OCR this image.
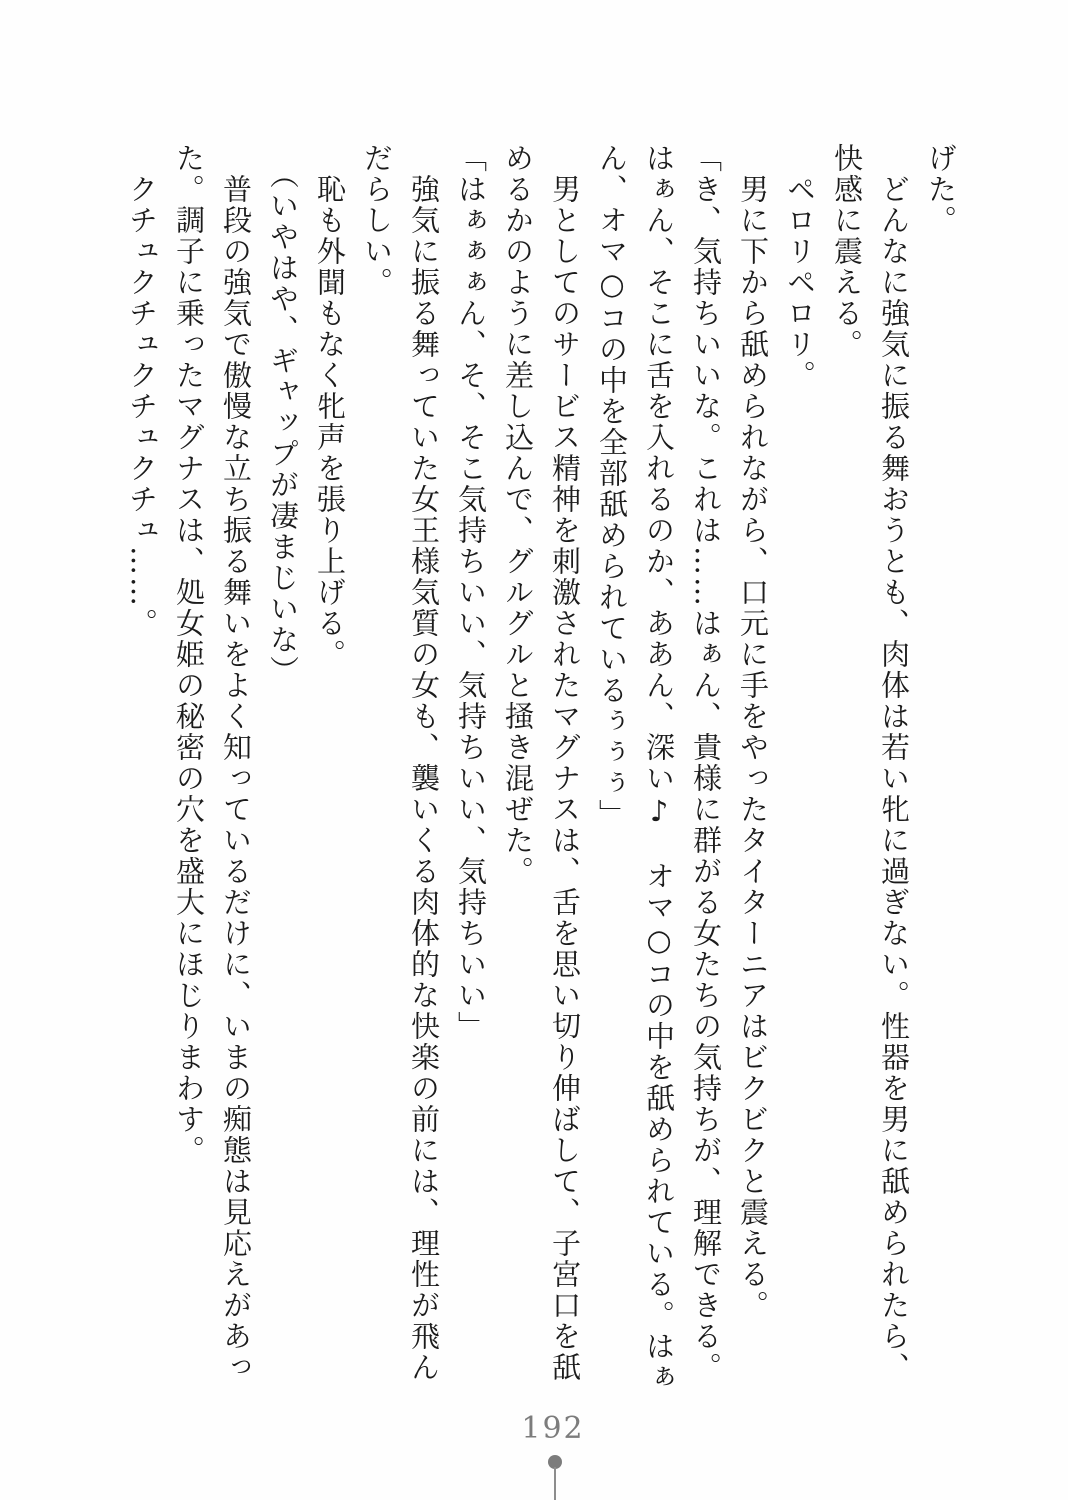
げた。
　どんなに強気に振る舞おうとも、肉体は若い牝に過ぎない。性器を男に舐められたら、
快感に震える。
　ペロリペロリ。
　男に下から舐められながら、口元に手をやったタイターニアはビクビクと震える。
「き、気持ちいいな。これは……はぁん、貴様に群がる女たちの気持ちが、理解できる。
はぁん、そこに舌を入れるのか、ああん、深い♪　オマ○コの中を舐められている。はぁ
ん、オマ○コの中を全部舐められているぅぅぅ」
　男としてのサービス精神を刺激されたマグナスは、舌を思い切り伸ばして、子宮口を舐
めるかのように差し込んで、グルグルと掻き混ぜた。
「はぁぁぁん、そ、そこ気持ちいい、気持ちいい、気持ちいい」
　強気に振る舞っていた女王様気質の女も、襲いくる肉体的な快楽の前には、理性が飛ん
だらしい。
　恥も外聞もなく牝声を張り上げる。
　（いやはや、ギャップが凄まじいな）
　普段の強気で傲慢な立ち振る舞いをよく知っているだけに、いまの痴態は見応えがあっ
た。調子に乗ったマグナスは、処女姫の秘密の穴を盛大にほじりまわす。
　クチュクチュクチュクチュ……。
192
